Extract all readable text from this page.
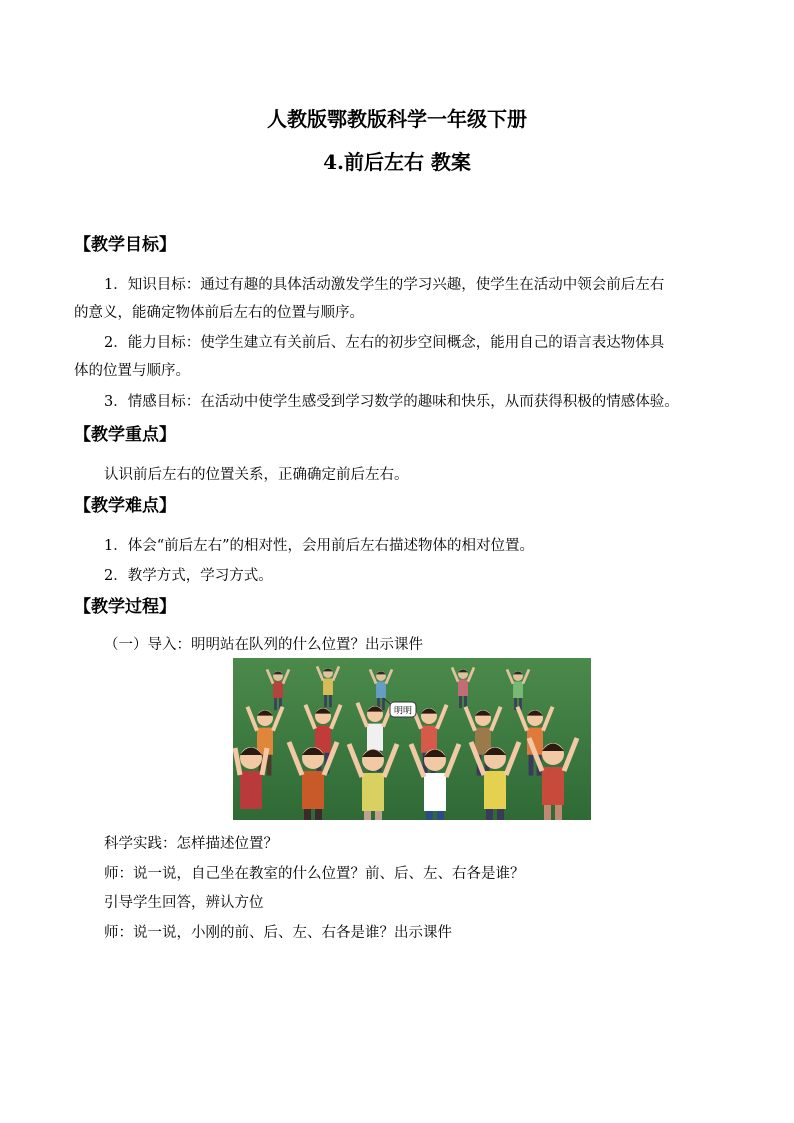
人教版鄂教版科学一年级下册
4.前后左右 教案

【教学目标】

1．知识目标：通过有趣的具体活动激发学生的学习兴趣，使学生在活动中领会前后左右

的意义，能确定物体前后左右的位置与顺序。

2．能力目标：使学生建立有关前后、左右的初步空间概念，能用自己的语言表达物体具

体的位置与顺序。

3．情感目标：在活动中使学生感受到学习数学的趣味和快乐，从而获得积极的情感体验。

【教学重点】

认识前后左右的位置关系，正确确定前后左右。

【教学难点】

1．体会“前后左右”的相对性，会用前后左右描述物体的相对位置。

2．教学方式，学习方式。

【教学过程】

（一）导入：明明站在队列的什么位置？出示课件

明明

科学实践：怎样描述位置？

师：说一说，自己坐在教室的什么位置？前、后、左、右各是谁？

引导学生回答，辨认方位

师：说一说，小刚的前、后、左、右各是谁？出示课件
